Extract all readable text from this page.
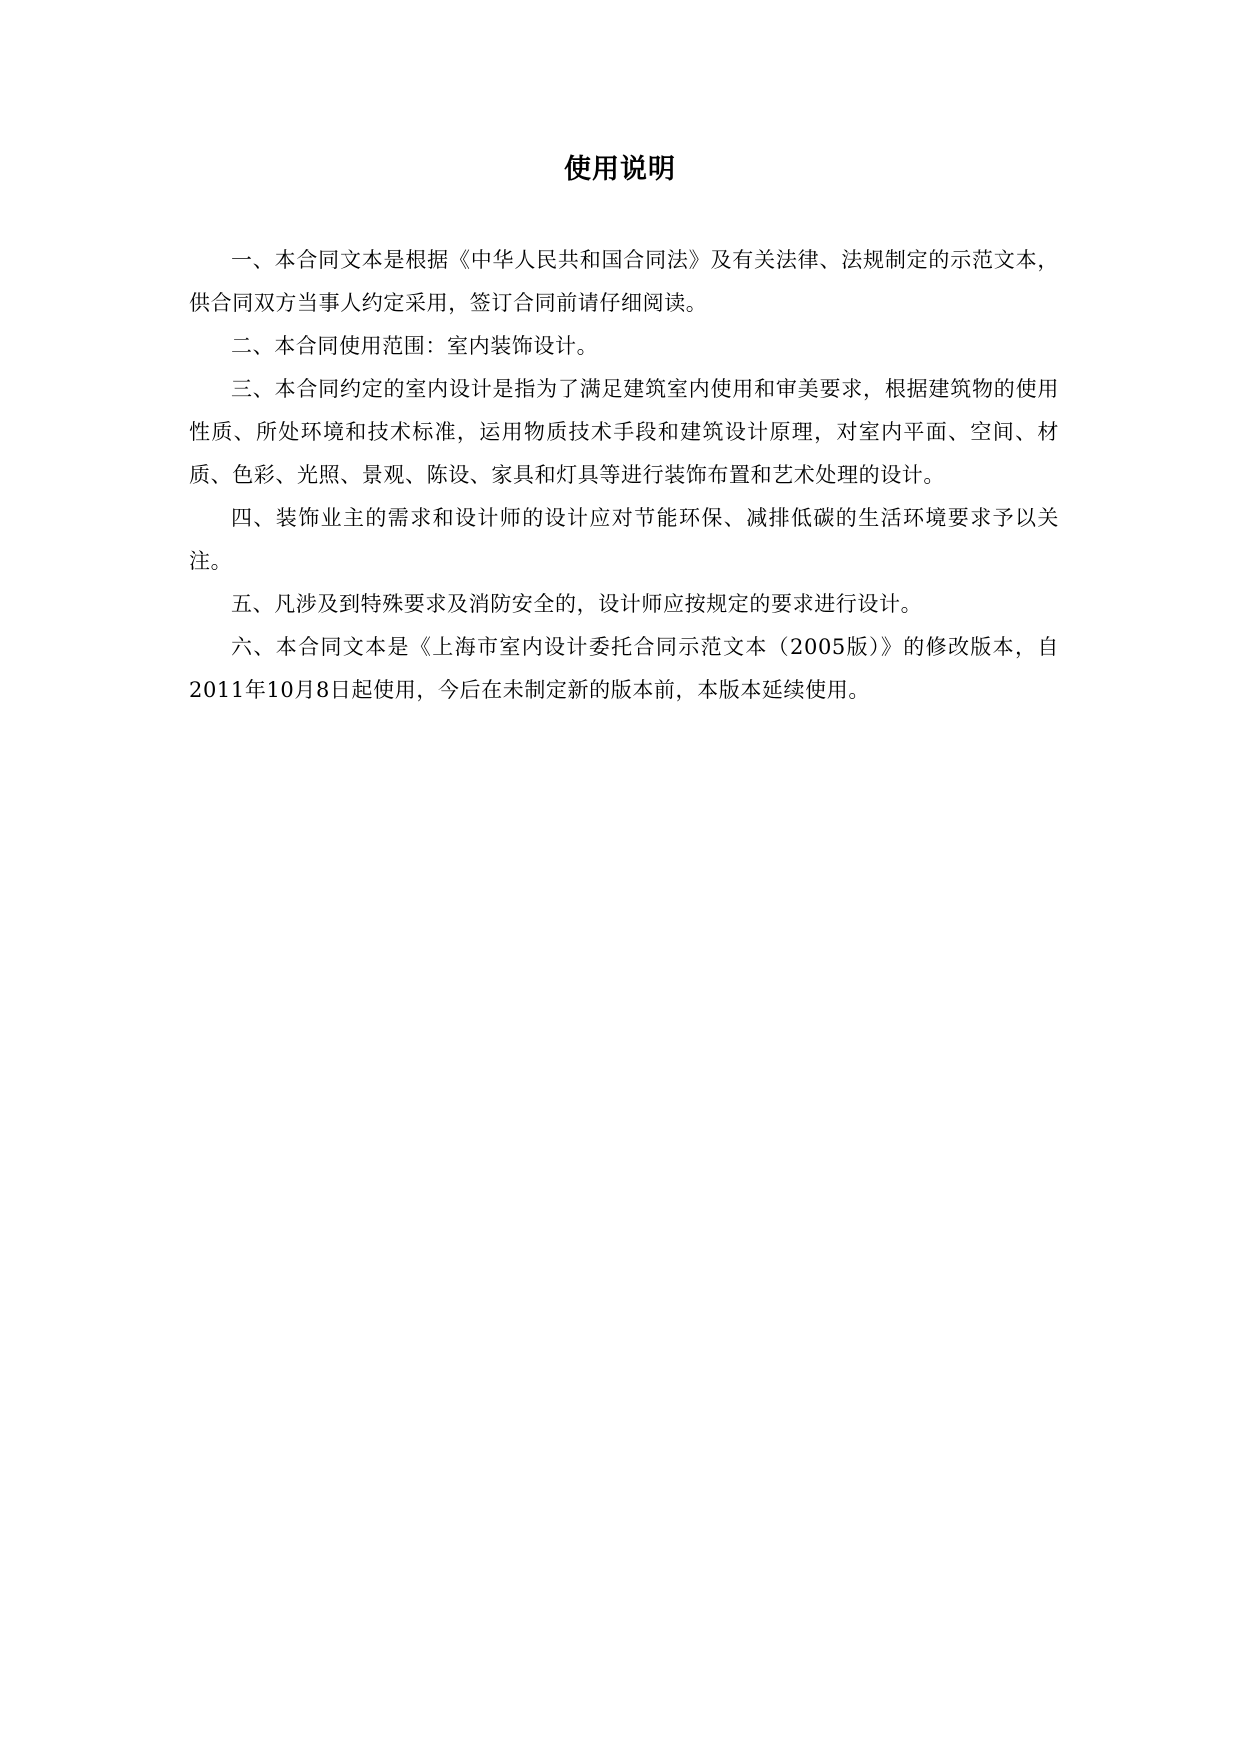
使用说明

一、本合同文本是根据《中华人民共和国合同法》及有关法律、法规制定的示范文本，供合同双方当事人约定采用，签订合同前请仔细阅读。

二、本合同使用范围：室内装饰设计。

三、本合同约定的室内设计是指为了满足建筑室内使用和审美要求，根据建筑物的使用性质、所处环境和技术标准，运用物质技术手段和建筑设计原理，对室内平面、空间、材质、色彩、光照、景观、陈设、家具和灯具等进行装饰布置和艺术处理的设计。

四、装饰业主的需求和设计师的设计应对节能环保、减排低碳的生活环境要求予以关注。

五、凡涉及到特殊要求及消防安全的，设计师应按规定的要求进行设计。

六、本合同文本是《上海市室内设计委托合同示范文本（2005版）》的修改版本，自2011年10月8日起使用，今后在未制定新的版本前，本版本延续使用。
